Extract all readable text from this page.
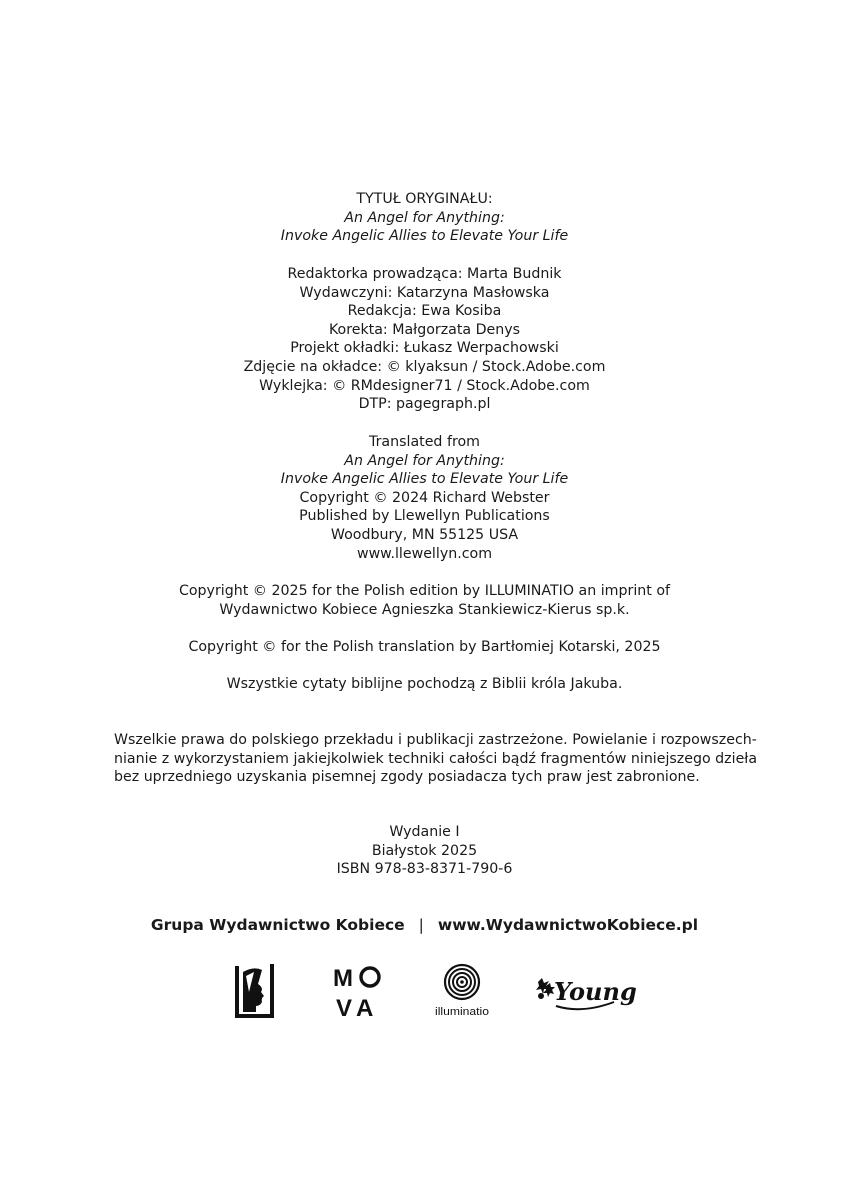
TYTUŁ ORYGINAŁU:
An Angel for Anything:
Invoke Angelic Allies to Elevate Your Life
Redaktorka prowadząca: Marta Budnik
Wydawczyni: Katarzyna Masłowska
Redakcja: Ewa Kosiba
Korekta: Małgorzata Denys
Projekt okładki: Łukasz Werpachowski
Zdjęcie na okładce: © klyaksun / Stock.Adobe.com
Wyklejka: © RMdesigner71 / Stock.Adobe.com
DTP: pagegraph.pl
Translated from
An Angel for Anything:
Invoke Angelic Allies to Elevate Your Life
Copyright © 2024 Richard Webster
Published by Llewellyn Publications
Woodbury, MN 55125 USA
www.llewellyn.com
Copyright © 2025 for the Polish edition by ILLUMINATIO an imprint of
Wydawnictwo Kobiece Agnieszka Stankiewicz-Kierus sp.k.
Copyright © for the Polish translation by Bartłomiej Kotarski, 2025
Wszystkie cytaty biblijne pochodzą z Biblii króla Jakuba.
Wszelkie prawa do polskiego przekładu i publikacji zastrzeżone. Powielanie i rozpowszech-
nianie z wykorzystaniem jakiejkolwiek techniki całości bądź fragmentów niniejszego dzieła
bez uprzedniego uzyskania pisemnej zgody posiadacza tych praw jest zabronione.
Wydanie I
Białystok 2025
ISBN 978-83-8371-790-6
Grupa Wydawnictwo Kobiece | www.WydawnictwoKobiece.pl
M
V A	illuminatio
Young
